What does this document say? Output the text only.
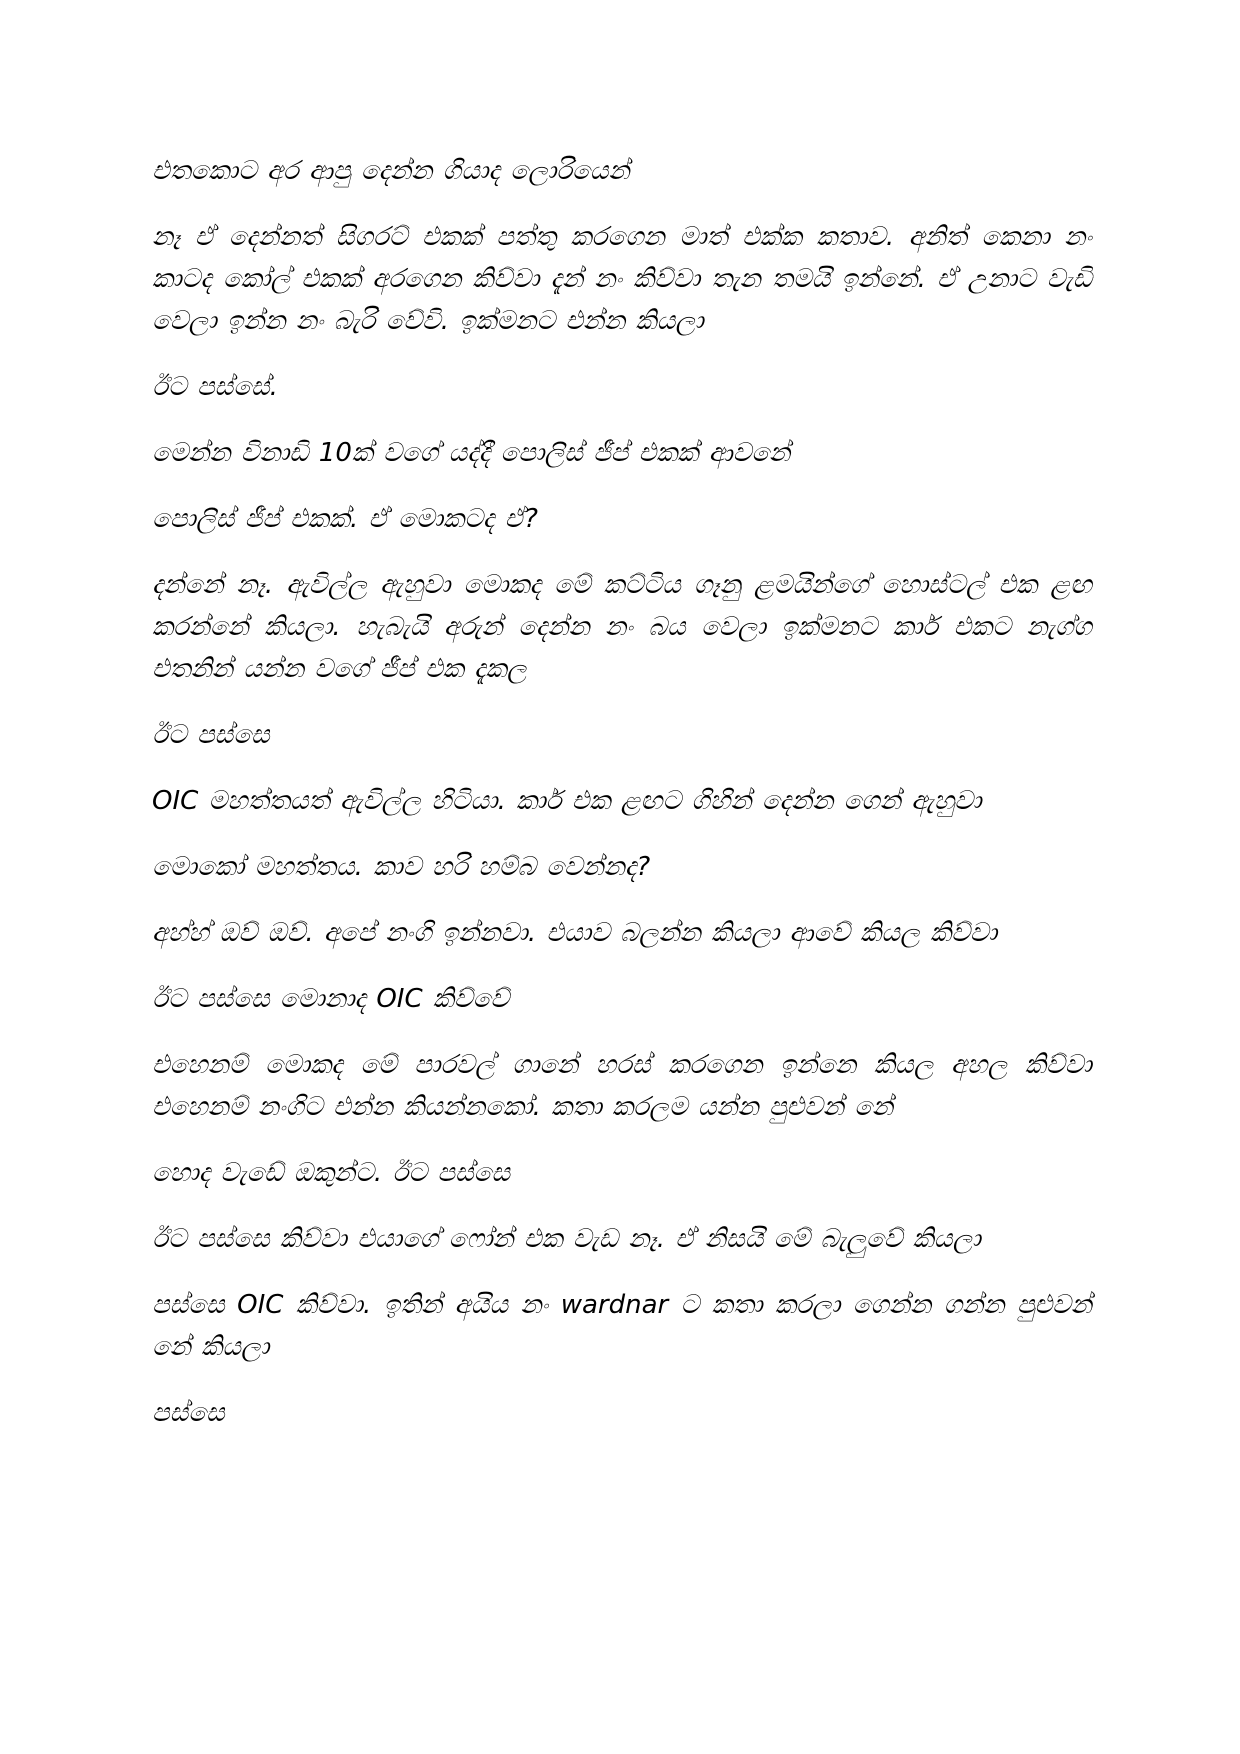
එතකොට අර ආපු දෙන්න ගියාද ලොරියෙන්

නෑ ඒ දෙන්නත් සිගරට් එකක් පත්තු කරගෙන මාත් එක්ක කතාව. අනිත් කෙනා නං කාටද කෝල් එකක් අරගෙන කිව්වා දැන් නං කිව්වා තැන තමයි ඉන්නේ. ඒ උනාට වැඩි වෙලා ඉන්න නං බැරි වේවි. ඉක්මනට එන්න කියලා

ඊට පස්සේ.

මෙන්න විනාඩි 10ක් වගේ යද්දී පොලිස් ජීප් එකක් ආවනේ

පොලිස් ජීප් එකක්. ඒ මොකටද ඒ?

දන්නේ නෑ. ඇවිල්ල ඇහුවා මොකද මේ කට්ටිය ගෑනු ළමයින්ගේ හොස්ටල් එක ළඟ කරන්නේ කියලා. හැබැයි අරුන් දෙන්න නං බය වෙලා ඉක්මනට කාර් එකට නැග්ග එතනින් යන්න වගේ ජීප් එක දැකල

ඊට පස්සෙ

OIC මහත්තයත් ඇවිල්ල හිටියා. කාර් එක ළඟට ගිහින් දෙන්න ගෙන් ඇහුවා

මොකෝ මහත්තය. කාව හරි හම්බ වෙන්නද?

අහ්හ් ඔව් ඔව්. අපේ නංගි ඉන්නවා. එයාව බලන්න කියලා ආවේ කියල කිව්වා

ඊට පස්සෙ මොනාද OIC කිව්වේ

එහෙනම් මොකද මේ පාරවල් ගානේ හරස් කරගෙන ඉන්නෙ කියල අහල කිව්වා එහෙනම් නංගිට එන්න කියන්නකෝ. කතා කරලම යන්න පුළුවන් නේ

හොද වැඩේ ඔකුන්ට. ඊට පස්සෙ

ඊට පස්සෙ කිව්වා එයාගේ ෆෝන් එක වැඩ නෑ. ඒ නිසයි මේ බැලුවේ කියලා

පස්සෙ OIC කිව්වා. ඉතින් අයිය නං wardnar ට කතා කරලා ගෙන්න ගන්න පුළුවන් නේ කියලා

පස්සෙ
